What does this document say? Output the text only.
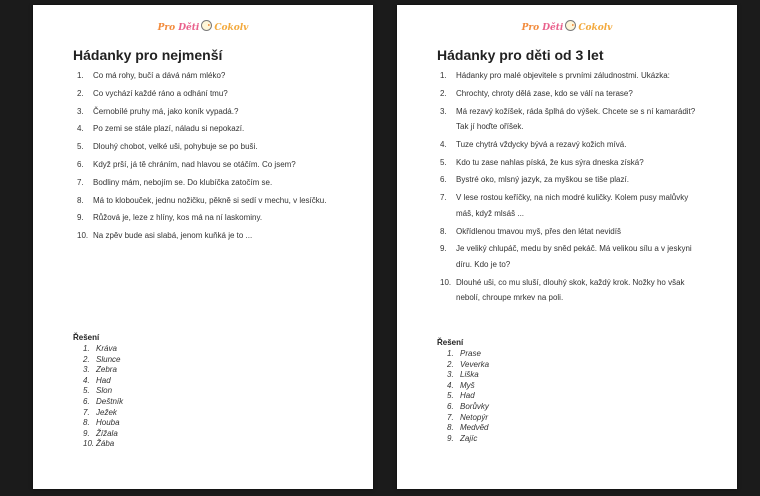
Pro Děti Cokolv
Hádanky pro nejmenší
1. Co má rohy, bučí a dává nám mléko?
2. Co vychází každé ráno a odhání tmu?
3. Černobílé pruhy má, jako koník vypadá.?
4. Po zemi se stále plazí, náladu si nepokazí.
5. Dlouhý chobot, velké uši, pohybuje se po buši.
6. Když prší, já tě chráním, nad hlavou se otáčím. Co jsem?
7. Bodliny mám, nebojím se. Do klubíčka zatočím se.
8. Má to klobouček, jednu nožičku, pěkně si sedí v mechu, v lesíčku.
9. Růžová je, leze z hlíny, kos má na ní laskominy.
10. Na zpěv bude asi slabá, jenom kuňká je to ...
Řešení
1. Kráva
2. Slunce
3. Zebra
4. Had
5. Slon
6. Deštník
7. Ježek
8. Houba
9. Žížala
10. Žába
Pro Děti Cokolv
Hádanky pro děti od 3 let
1. Hádanky pro malé objevitele s prvními záludnostmi. Ukázka:
2. Chrochty, chroty dělá zase, kdo se válí na terase?
3. Má rezavý kožíšek, ráda šplhá do výšek. Chcete se s ní kamarádit? Tak jí hoďte oříšek.
4. Tuze chytrá vždycky bývá a rezavý kožich mívá.
5. Kdo tu zase nahlas píská, že kus sýra dneska získá?
6. Bystré oko, mlsný jazyk, za myškou se tiše plazí.
7. V lese rostou keříčky, na nich modré kuličky. Kolem pusy malůvky máš, když mlsáš ...
8. Okřídlenou tmavou myš, přes den létat nevidíš
9. Je veliký chlupáč, medu by sněd pekáč. Má velikou sílu a v jeskyni díru. Kdo je to?
10. Dlouhé uši, co mu sluší, dlouhý skok, každý krok. Nožky ho však nebolí, chroupe mrkev na poli.
Řešení
1. Prase
2. Veverka
3. Liška
4. Myš
5. Had
6. Borůvky
7. Netopýr
8. Medvěd
9. Zajíc
